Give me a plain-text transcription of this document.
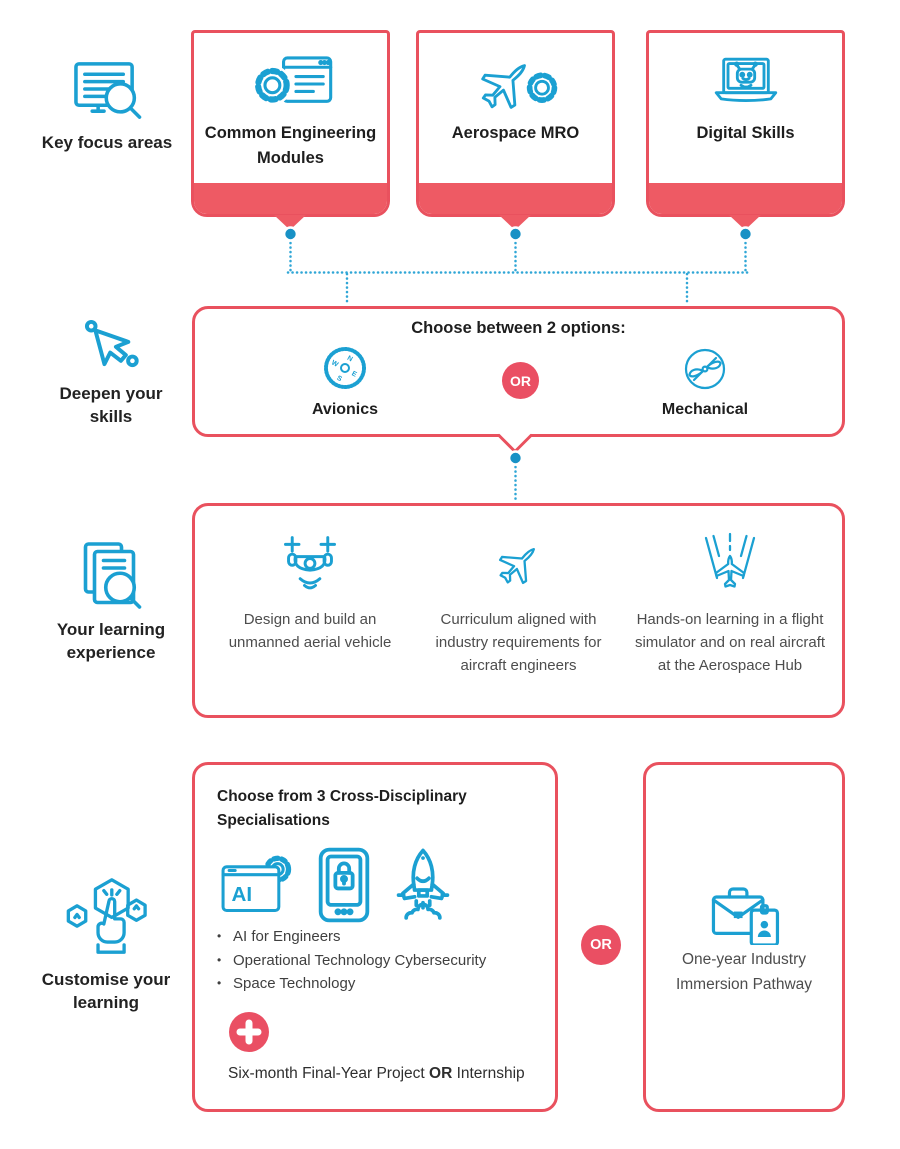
Key focus areas
Deepen your skills
Your learning experience
Customise your learning
Common Engineering Modules
Aerospace MRO	Digital Skills
Choose between 2 options:
N
E
S
W
Avionics
OR
Mechanical
Design and build an unmanned aerial vehicle
Curriculum aligned with industry requirements for aircraft engineers
Hands-on learning in a flight simulator and on real aircraft at the Aerospace Hub
Choose from 3 Cross-Disciplinary Specialisations
AI
• AI for Engineers
• Operational Technology Cybersecurity
• Space Technology
Six-month Final-Year Project OR Internship
OR
One-year Industry Immersion Pathway
